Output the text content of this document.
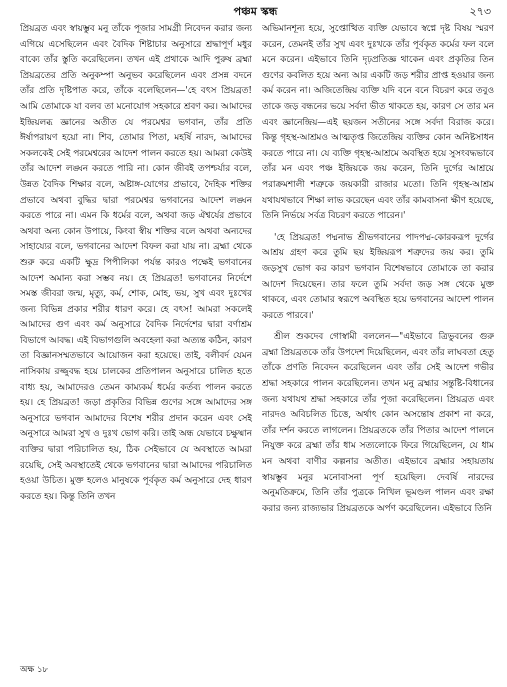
পঞ্চম স্কন্ধ	২৭৩

প্রিয়ব্রত এবং স্বায়ম্ভুব মনু তাঁকে পূজার সামগ্রী নিবেদন করার জন্য এগিয়ে এসেছিলেন এবং বৈদিক শিষ্টাচার অনুসারে শ্রদ্ধাপূর্ণ মধুর বাক্যে তাঁর স্তুতি করেছিলেন। তখন এই প্রথাকে আদি পুরুষ ব্রহ্মা প্রিয়ব্রতের প্রতি অনুকম্পা অনুভব করেছিলেন এবং প্রসন্ন বদনে তাঁর প্রতি দৃষ্টিপাত করে, তাঁকে বলেছিলেন—'হে বৎস প্রিয়ব্রত! আমি তোমাকে যা বলব তা মনোযোগ সহকারে শ্রবণ কর। আমাদের ইন্দ্রিয়লব্ধ জ্ঞানের অতীত যে পরমেশ্বর ভগবান, তাঁর প্রতি ঈর্ষাপরায়ণ হয়ো না। শিব, তোমার পিতা, মহর্ষি নারদ, আমাদের সকলকেই সেই পরমেশ্বরের আদেশ পালন করতে হয়। আমরা কেউই তাঁর আদেশ লঙ্ঘন করতে পারি না। কোন জীবই তপশ্চর্যার বলে, উন্নত বৈদিক শিক্ষার বলে, অষ্টাঙ্গ-যোগের প্রভাবে, দৈহিক শক্তির প্রভাবে অথবা বুদ্ধির দ্বারা পরমেশ্বর ভগবানের আদেশ লঙ্ঘন করতে পারে না। এমন কি ধর্মের বলে, অথবা জড় ঐশ্বর্যের প্রভাবে অথবা অন্য কোন উপায়ে, কিংবা স্বীয় শক্তির বলে অথবা অন্যদের সাহায্যের বলে, ভগবানের আদেশ বিফল করা যায় না। ব্রহ্মা থেকে শুরু করে একটি ক্ষুদ্র পিপীলিকা পর্যন্ত কারও পক্ষেই ভগবানের আদেশ অমান্য করা সম্ভব নয়। হে প্রিয়ব্রত! ভগবানের নির্দেশে সমস্ত জীবরা জন্ম, মৃত্যু, কর্ম, শোক, মোহ, ভয়, সুখ এবং দুঃখের জন্য বিভিন্ন প্রকার শরীর ধারণ করে। হে বৎস! আমরা সকলেই আমাদের গুণ এবং কর্ম অনুসারে বৈদিক নির্দেশের দ্বারা বর্ণাশ্রম বিভাগে আবদ্ধ। এই বিভাগগুলি অবহেলা করা অত্যন্ত কঠিন, কারণ তা বিজ্ঞানসম্মতভাবে আয়োজন করা হয়েছে। তাই, বলীবর্দ যেমন নাসিকায় রজ্জুবদ্ধ হয়ে চালকের প্রতিপালন অনুসারে চালিত হতে বাধ্য হয়, আমাদেরও তেমন কাম্যকর্ম ধর্মের কর্তব্য পালন করতে হয়। হে প্রিয়ব্রত! জড়া প্রকৃতির বিভিন্ন গুণের সঙ্গে আমাদের সঙ্গ অনুসারে ভগবান আমাদের বিশেষ শরীর প্রদান করেন এবং সেই অনুসারে আমরা সুখ ও দুঃখ ভোগ করি। তাই অন্ধ যেভাবে চক্ষুষ্মান ব্যক্তির দ্বারা পরিচালিত হয়, ঠিক সেইভাবে যে অবস্থাতে আমরা রয়েছি, সেই অবস্থাতেই থেকে ভগবানের দ্বারা আমাদের পরিচালিত হওয়া উচিত। মুক্ত হলেও মানুষকে পূর্বকৃত কর্ম অনুসারে দেহ ধারণ করতে হয়। কিন্তু তিনি তখন

অভিমানশূন্য হয়ে, সুপ্তোত্থিত ব্যক্তি যেভাবে স্বপ্নে দৃষ্ট বিষয় স্মরণ করেন, তেমনই তাঁর সুখ এবং দুঃখকে তাঁর পূর্বকৃত কর্মের ফল বলে মনে করেন। এইভাবে তিনি দৃঢ়প্রতিজ্ঞ থাকেন এবং প্রকৃতির তিন গুণের কবলিত হয়ে অন্য আর একটি জড় শরীর প্রাপ্ত হওয়ার জন্য কর্ম করেন না। অজিতেন্দ্রিয় ব্যক্তি যদি বনে বনে বিচরণ করে তবুও তাকে জড় বন্ধনের ভয়ে সর্বদা ভীত থাকতে হয়, কারণ সে তার মন এবং জ্ঞানেন্দ্রিয়—এই ছয়জন সতীনের সঙ্গে সর্বদা বিরাজ করে। কিন্তু গৃহস্থ-আশ্রমও আত্মতৃপ্ত জিতেন্দ্রিয় ব্যক্তির কোন অনিষ্টসাধন করতে পারে না। যে ব্যক্তি গৃহস্থ-আশ্রমে অবস্থিত হয়ে সুসংবদ্ধভাবে তাঁর মন এবং পঞ্চ ইন্দ্রিয়কে জয় করেন, তিনি দুর্গের আশ্রয়ে পরাক্রমশালী শত্রুকে জয়কারী রাজার মতো। তিনি গৃহস্থ-আশ্রম যথাযথভাবে শিক্ষা লাভ করেছেন এবং তাঁর কামবাসনা ক্ষীণ হয়েছে, তিনি নির্ভয়ে সর্বত্র বিচরণ করতে পারেন।'

'হে প্রিয়ব্রত! পদ্মনাভ শ্রীভগবানের পাদপদ্ম-কোরকরূপ দুর্গের আশ্রয় গ্রহণ করে তুমি ছয় ইন্দ্রিয়রূপ শত্রুদের জয় কর। তুমি জড়সুখ ভোগ কর কারণ ভগবান বিশেষভাবে তোমাকে তা করার আদেশ দিয়েছেন। তার ফলে তুমি সর্বদা জড় সঙ্গ থেকে মুক্ত থাকবে, এবং তোমার স্বরূপে অবস্থিত হয়ে ভগবানের আদেশ পালন করতে পারবে।'

শ্রীল শুকদেব গোস্বামী বললেন—"এইভাবে ত্রিভুবনের গুরু ব্রহ্মা প্রিয়ব্রতকে তাঁর উপদেশ দিয়েছিলেন, এবং তাঁর লাঘবতা হেতু তাঁকে প্রণতি নিবেদন করেছিলেন এবং তাঁর সেই আদেশ গভীর শ্রদ্ধা সহকারে পালন করেছিলেন। তখন মনু ব্রহ্মার সন্তুষ্টি-বিধানের জন্য যথাযথ শ্রদ্ধা সহকারে তাঁর পূজা করেছিলেন। প্রিয়ব্রত এবং নারদও অবিচলিত চিত্তে, অর্থাৎ কোন অসন্তোষ প্রকাশ না করে, তাঁর দর্শন করতে লাগলেন। প্রিয়ব্রতকে তাঁর পিতার আদেশ পালনে নিযুক্ত করে ব্রহ্মা তাঁর ধাম সত্যলোকে ফিরে গিয়েছিলেন, যে ধাম মন অথবা বাণীর কল্পনার অতীত। এইভাবে ব্রহ্মার সহায়তায় স্বায়ম্ভুব মনুর মনোবাসনা পূর্ণ হয়েছিল। দেবর্ষি নারদের অনুমতিক্রমে, তিনি তাঁর পুত্রকে নিখিল ভূমণ্ডল পালন এবং রক্ষা করার জন্য রাজ্যভার প্রিয়ব্রতকে অর্পণ করেছিলেন। এইভাবে তিনি

অক্ষ ১৮
